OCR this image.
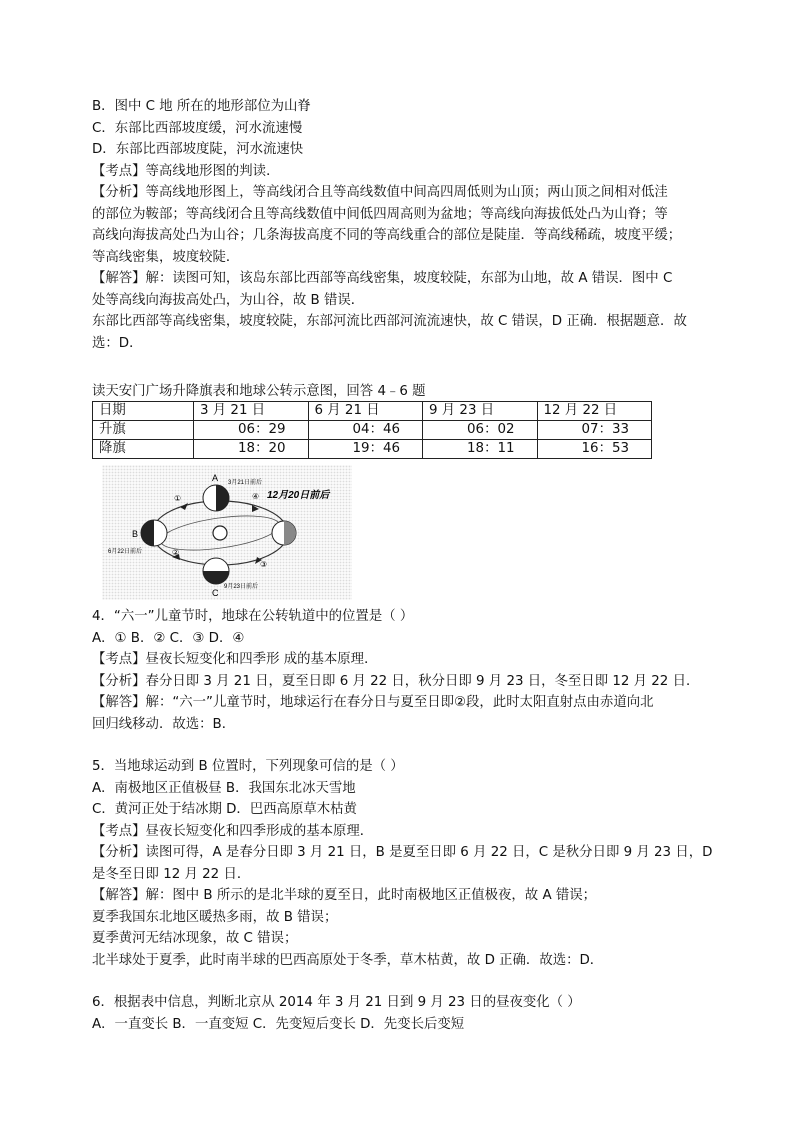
B．图中 C 地 所在的地形部位为山脊

C．东部比西部坡度缓，河水流速慢

D．东部比西部坡度陡，河水流速快

【考点】等高线地形图的判读．

【分析】等高线地形图上，等高线闭合且等高线数值中间高四周低则为山顶；两山顶之间相对低洼

的部位为鞍部；等高线闭合且等高线数值中间低四周高则为盆地；等高线向海拔低处凸为山脊；等

高线向海拔高处凸为山谷；几条海拔高度不同的等高线重合的部位是陡崖．等高线稀疏，坡度平缓；

等高线密集，坡度较陡．

【解答】解：读图可知，该岛东部比西部等高线密集，坡度较陡，东部为山地，故 A 错误．图中 C

处等高线向海拔高处凸，为山谷，故 B 错误．

东部比西部等高线密集，坡度较陡，东部河流比西部河流流速快，故 C 错误，D 正确．根据题意．故

选：D．

读天安门广场升降旗表和地球公转示意图，回答 4﹣6 题
日期	3 月 21 日	6 月 21 日	9 月 23 日	12 月 22 日
升旗	06：29	04：46	06：02	07：33
降旗	18：20	19：46	18：11	16：53
A
B
C
3月21日前后
6月22日前后
9月23日前后
12月20日前后
①
②
③
④

4．“六一”儿童节时，地球在公转轨道中的位置是（ ）

A．① B．② C．③ D．④

【考点】昼夜长短变化和四季形 成的基本原理．

【分析】春分日即 3 月 21 日，夏至日即 6 月 22 日，秋分日即 9 月 23 日，冬至日即 12 月 22 日．

【解答】解：“六一”儿童节时，地球运行在春分日与夏至日即②段，此时太阳直射点由赤道向北

回归线移动．故选：B．

5．当地球运动到 B 位置时，下列现象可信的是（ ）

A．南极地区正值极昼 B．我国东北冰天雪地

C．黄河正处于结冰期 D．巴西高原草木枯黄

【考点】昼夜长短变化和四季形成的基本原理．

【分析】读图可得，A 是春分日即 3 月 21 日，B 是夏至日即 6 月 22 日，C 是秋分日即 9 月 23 日，D

是冬至日即 12 月 22 日．

【解答】解：图中 B 所示的是北半球的夏至日，此时南极地区正值极夜，故 A 错误；

夏季我国东北地区暖热多雨，故 B 错误；

夏季黄河无结冰现象，故 C 错误；

北半球处于夏季，此时南半球的巴西高原处于冬季，草木枯黄，故 D 正确．故选：D．

6．根据表中信息，判断北京从 2014 年 3 月 21 日到 9 月 23 日的昼夜变化（ ）

A．一直变长 B．一直变短 C．先变短后变长 D．先变长后变短
